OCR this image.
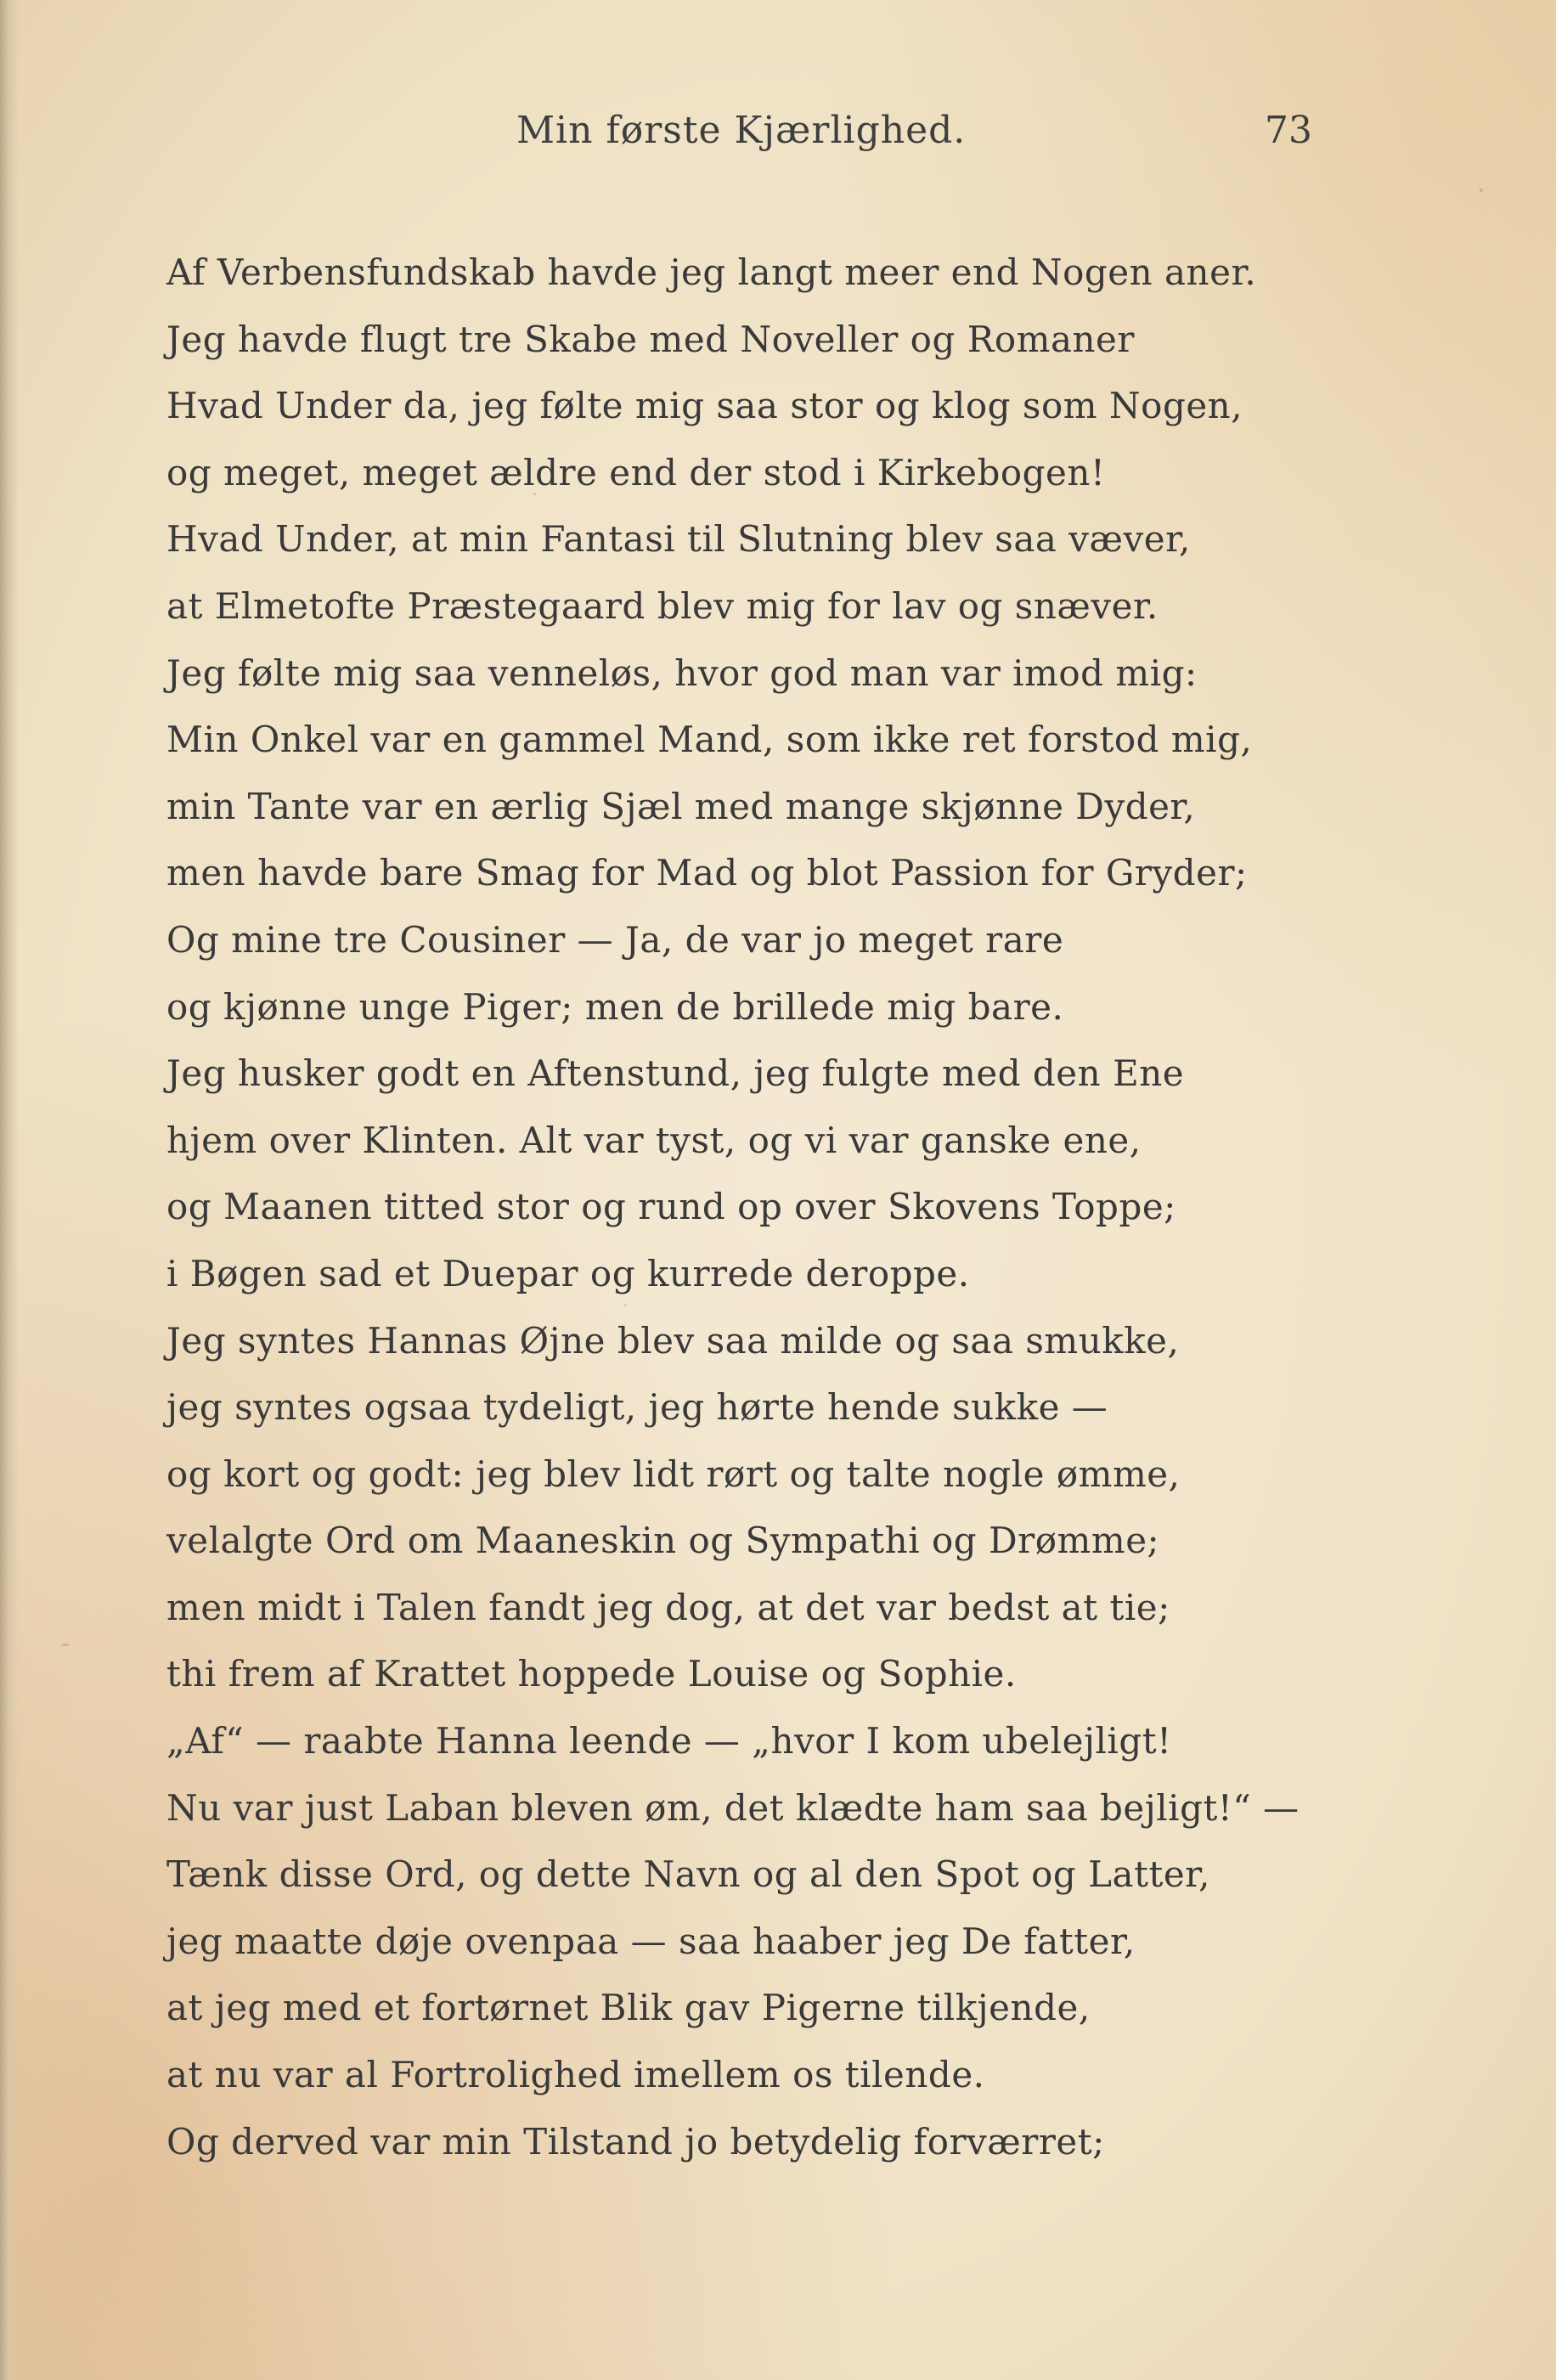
Min første Kjærlighed.	73
Af Verbensfundskab havde jeg langt meer end Nogen aner.
Jeg havde flugt tre Skabe med Noveller og Romaner
Hvad Under da, jeg følte mig saa stor og klog som Nogen,
og meget, meget ældre end der stod i Kirkebogen!
Hvad Under, at min Fantasi til Slutning blev saa væver,
at Elmetofte Præstegaard blev mig for lav og snæver.
Jeg følte mig saa venneløs, hvor god man var imod mig:
Min Onkel var en gammel Mand, som ikke ret forstod mig,
min Tante var en ærlig Sjæl med mange skjønne Dyder,
men havde bare Smag for Mad og blot Passion for Gryder;
Og mine tre Cousiner — Ja, de var jo meget rare
og kjønne unge Piger; men de brillede mig bare.
Jeg husker godt en Aftenstund, jeg fulgte med den Ene
hjem over Klinten. Alt var tyst, og vi var ganske ene,
og Maanen titted stor og rund op over Skovens Toppe;
i Bøgen sad et Duepar og kurrede deroppe.
Jeg syntes Hannas Øjne blev saa milde og saa smukke,
jeg syntes ogsaa tydeligt, jeg hørte hende sukke —
og kort og godt: jeg blev lidt rørt og talte nogle ømme,
velalgte Ord om Maaneskin og Sympathi og Drømme;
men midt i Talen fandt jeg dog, at det var bedst at tie;
thi frem af Krattet hoppede Louise og Sophie.
„Af“ — raabte Hanna leende — „hvor I kom ubelejligt!
Nu var just Laban bleven øm, det klædte ham saa bejligt!“ —
Tænk disse Ord, og dette Navn og al den Spot og Latter,
jeg maatte døje ovenpaa — saa haaber jeg De fatter,
at jeg med et fortørnet Blik gav Pigerne tilkjende,
at nu var al Fortrolighed imellem os tilende.
Og derved var min Tilstand jo betydelig forværret;
